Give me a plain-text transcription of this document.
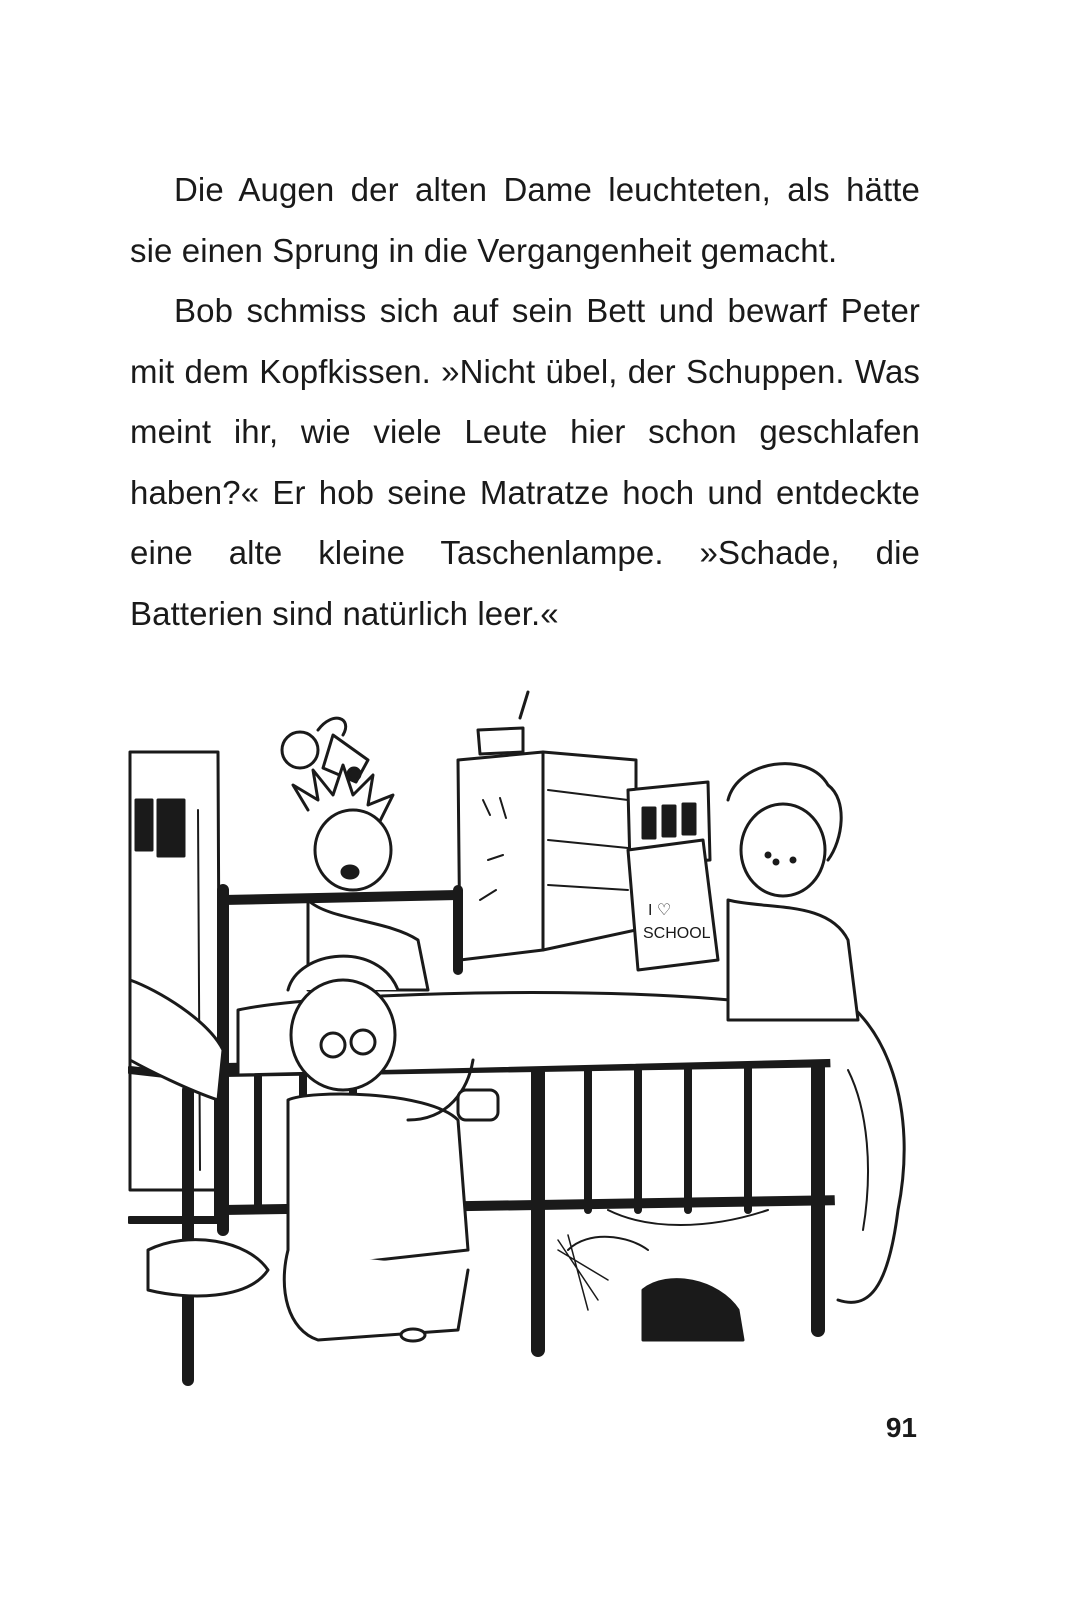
Die Augen der alten Dame leuchteten, als hätte sie einen Sprung in die Vergangenheit gemacht.

Bob schmiss sich auf sein Bett und bewarf Peter mit dem Kopfkissen. »Nicht übel, der Schuppen. Was meint ihr, wie viele Leute hier schon geschlafen haben?« Er hob seine Matratze hoch und entdeckte eine alte kleine Taschenlampe. »Schade, die Batterien sind natürlich leer.«

I ♡
SCHOOL
91
